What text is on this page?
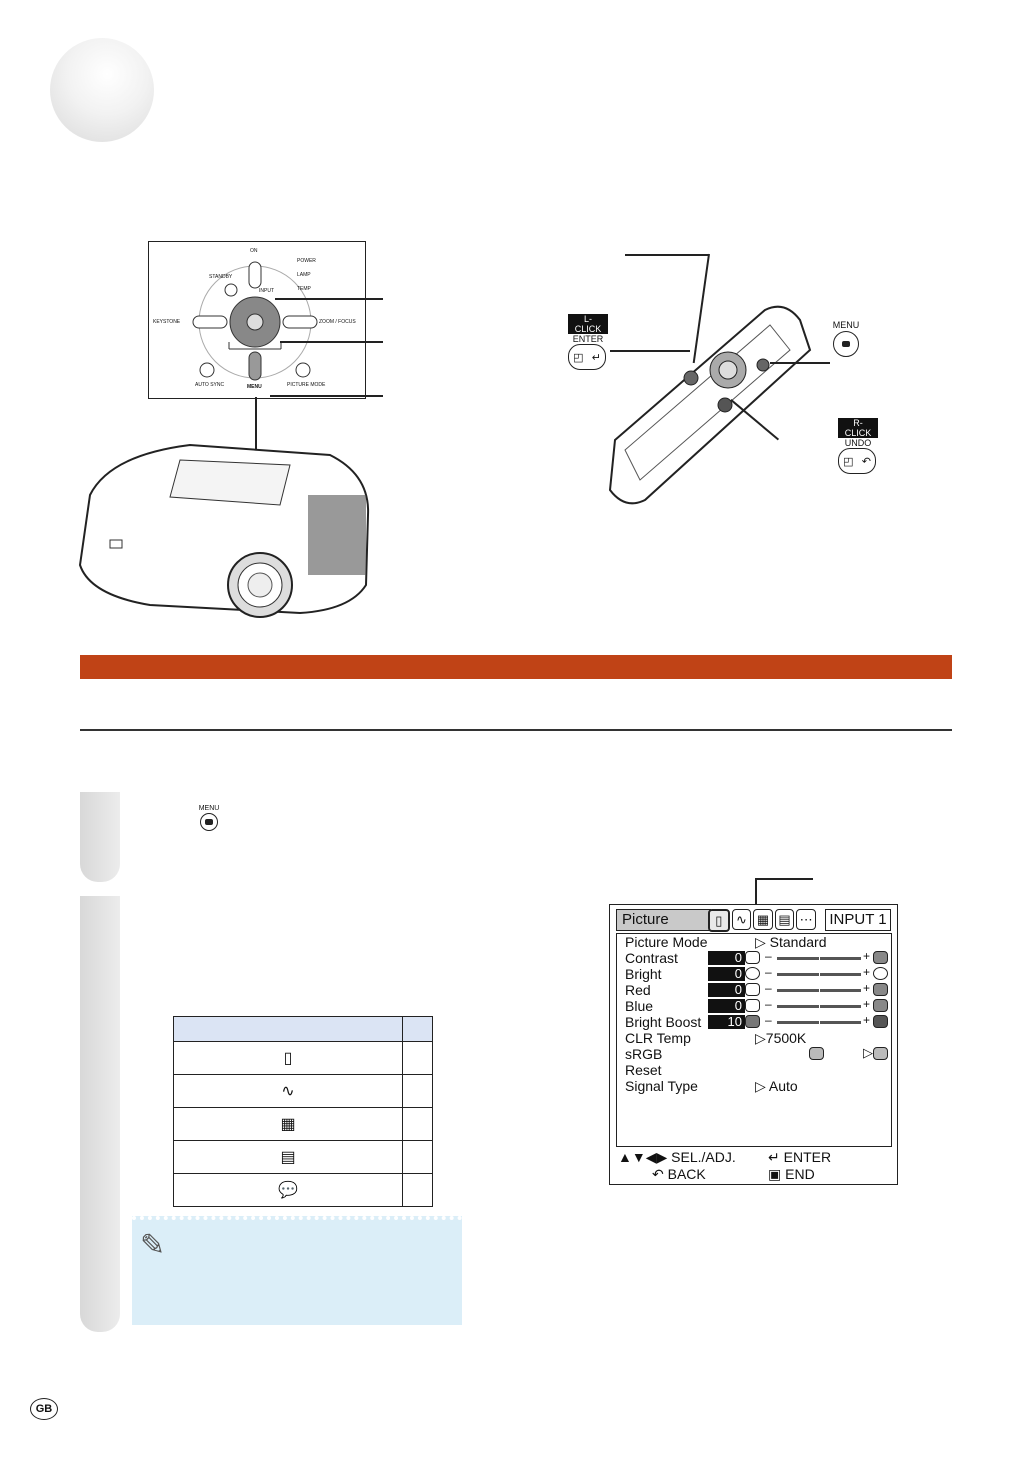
ON
STANDBY
INPUT
KEYSTONE	ZOOM / FOCUS
AUTO SYNC	MENU	PICTURE MODE
POWER
LAMP
TEMP
L-CLICK
ENTER
◰ ↵
MENU
R-CLICK
UNDO
◰ ↶
MENU

▯	
∿	
▦	
▤	
💬	
✎
Picture	▯	∿ ▦ ▤ ⋯ INPUT 1
Picture Mode	▷ Standard
Contrast	0 –	+
Bright	0 –	+
Red	0 –	+
Blue	0 –	+
Bright Boost	10 –	+
CLR Temp	▷7500K
sRGB	▷
Reset
Signal Type	▷ Auto
▲▼◀▶ SEL./ADJ.	↵ ENTER
↶ BACK	▣ END
GB
